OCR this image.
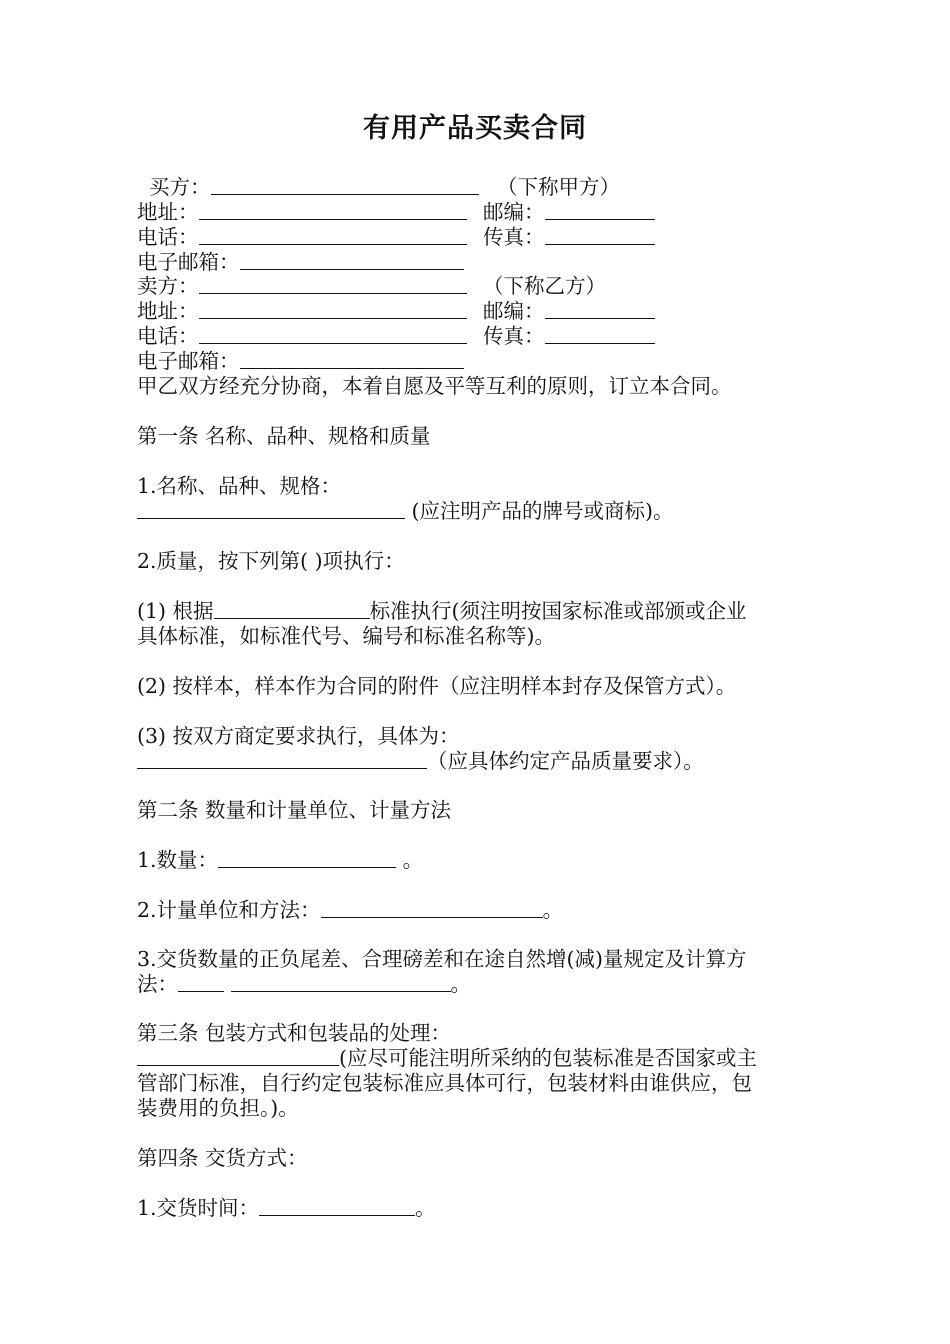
有用产品买卖合同
买方：	（下称甲方）
地址：	邮编：
电话：	传真：
电子邮箱：
卖方：	（下称乙方）
地址：	邮编：
电话：	传真：
电子邮箱：
甲乙双方经充分协商，本着自愿及平等互利的原则，订立本合同。
第一条 名称、品种、规格和质量
1.名称、品种、规格：
(应注明产品的牌号或商标)。
2.质量，按下列第( )项执行：
(1) 根据	标准执行(须注明按国家标准或部颁或企业
具体标准，如标准代号、编号和标准名称等)。
(2) 按样本，样本作为合同的附件（应注明样本封存及保管方式）。
(3) 按双方商定要求执行，具体为：
（应具体约定产品质量要求）。
第二条 数量和计量单位、计量方法
1.数量：	。
2.计量单位和方法：	。
3.交货数量的正负尾差、合理磅差和在途自然增(减)量规定及计算方
法：	。
第三条 包装方式和包装品的处理：
(应尽可能注明所采纳的包装标准是否国家或主
管部门标准，自行约定包装标准应具体可行，包装材料由谁供应，包
装费用的负担。)。
第四条 交货方式：
1.交货时间：	。
